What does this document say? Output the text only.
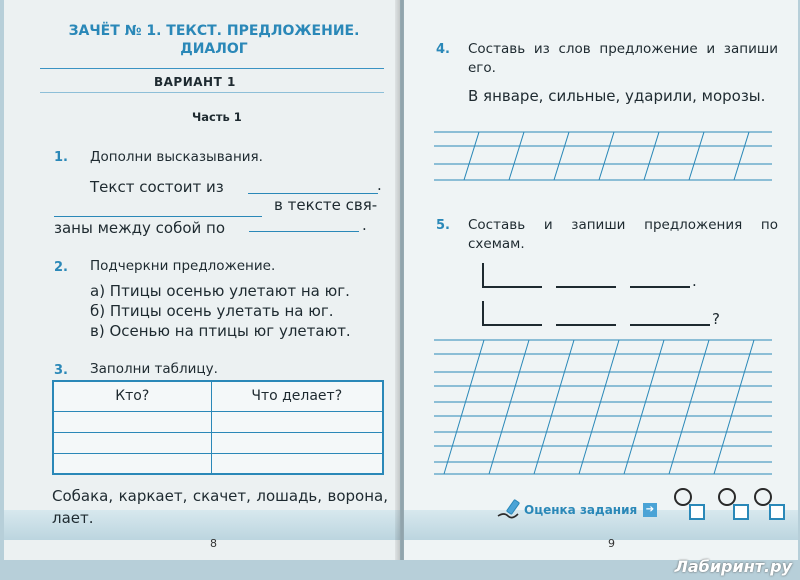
ЗАЧЁТ № 1. ТЕКСТ. ПРЕДЛОЖЕНИЕ. ДИАЛОГ
ВАРИАНТ 1
Часть 1
1. Дополни высказывания.
Текст состоит из	.
в тексте свя-
заны между собой по	.
2. Подчеркни предложение.
а) Птицы осенью улетают на юг.
б) Птицы осень улетать на юг.
в) Осенью на птицы юг улетают.
3. Заполни таблицу.
Кто?	Что делает?

Собака, каркает, скачет, лошадь, ворона, лает.
8
4. Составь из слов предложение и запиши его.
В январе, сильные, ударили, морозы.
5. Составь и запиши предложения по схемам.
.
?
Оценка задания ➔
9
Лабиринт.ру
